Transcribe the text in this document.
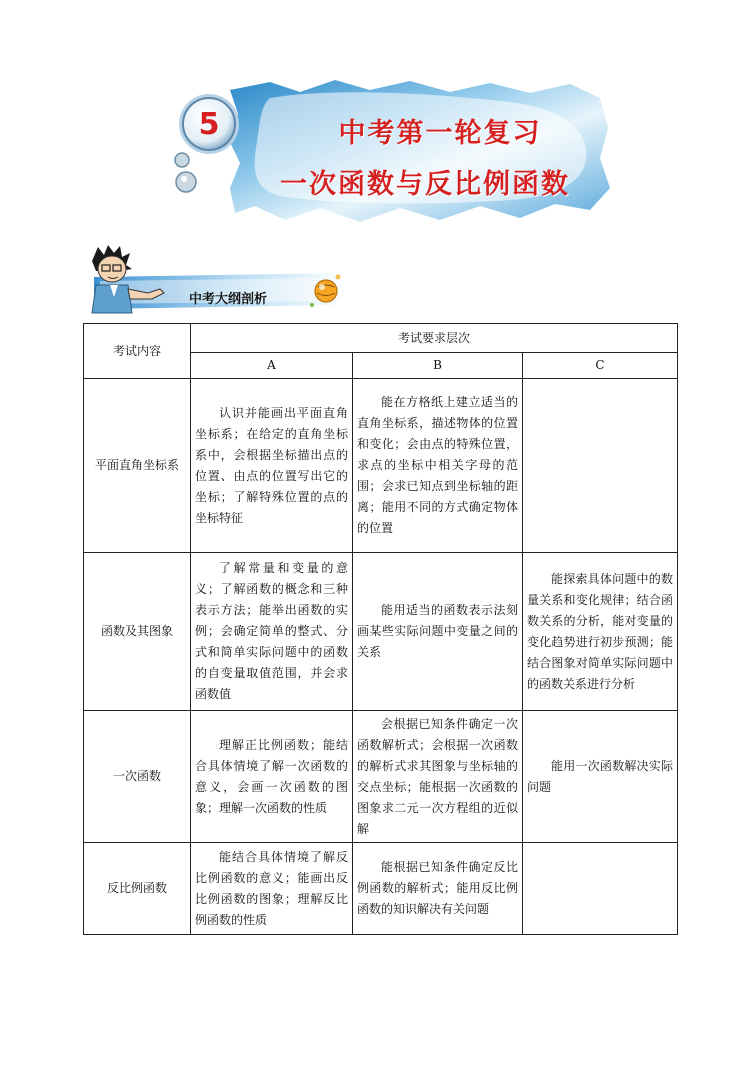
5	中考第一轮复习
一次函数与反比例函数
中考大纲剖析
考试内容	考试要求层次		
	A	B	C
平面直角坐标系	认识并能画出平面直角坐标系；在给定的直角坐标系中，会根据坐标描出点的位置、由点的位置写出它的坐标；了解特殊位置的点的坐标特征	能在方格纸上建立适当的直角坐标系，描述物体的位置和变化；会由点的特殊位置，求点的坐标中相关字母的范围；会求已知点到坐标轴的距离；能用不同的方式确定物体的位置	
函数及其图象	了解常量和变量的意义；了解函数的概念和三种表示方法；能举出函数的实例；会确定简单的整式、分式和简单实际问题中的函数的自变量取值范围，并会求函数值	能用适当的函数表示法刻画某些实际问题中变量之间的关系	能探索具体问题中的数量关系和变化规律；结合函数关系的分析，能对变量的变化趋势进行初步预测；能结合图象对简单实际问题中的函数关系进行分析
一次函数	理解正比例函数；能结合具体情境了解一次函数的意义，会画一次函数的图象；理解一次函数的性质	会根据已知条件确定一次函数解析式；会根据一次函数的解析式求其图象与坐标轴的交点坐标；能根据一次函数的图象求二元一次方程组的近似解	能用一次函数解决实际问题
反比例函数	能结合具体情境了解反比例函数的意义；能画出反比例函数的图象；理解反比例函数的性质	能根据已知条件确定反比例函数的解析式；能用反比例函数的知识解决有关问题	
